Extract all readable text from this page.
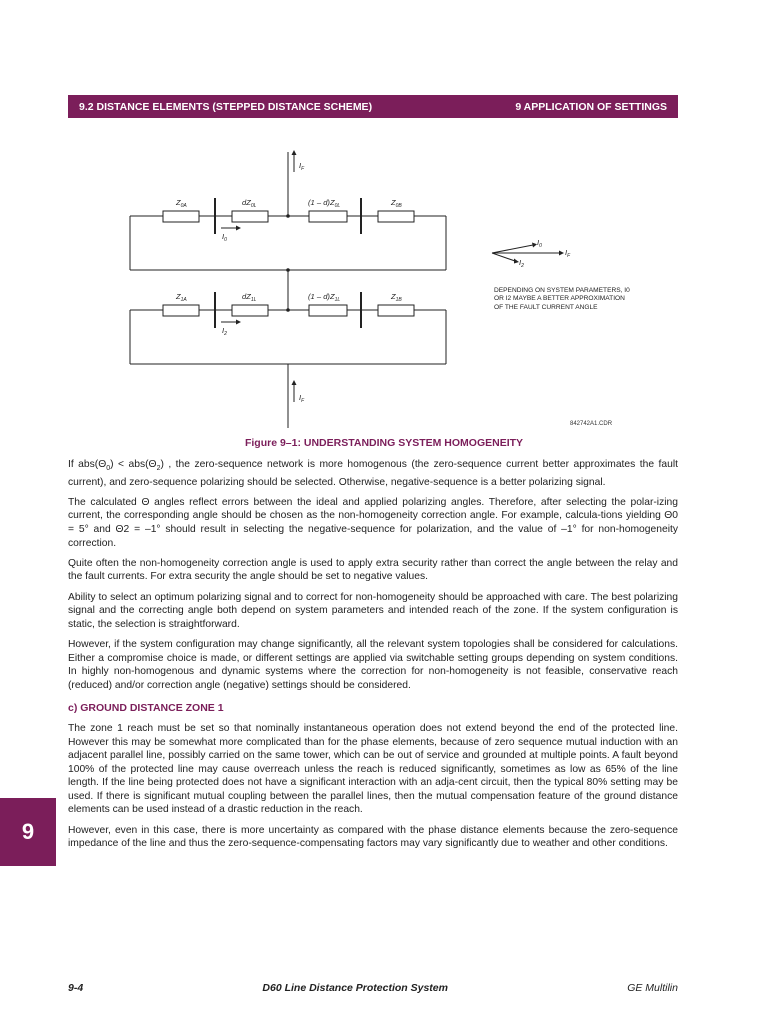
9.2 DISTANCE ELEMENTS (STEPPED DISTANCE SCHEME)	9 APPLICATION OF SETTINGS
$Z_{0A}$	$dZ_{0L}$	$(1 - d)Z_{0L}$	$Z_{0B}$
$Z_{1A}$	$dZ_{1L}$	$(1 - d)Z_{1L}$	$Z_{1B}$
$I_0$
$I_2$
$I_F$
$I_F$
$I_0$
$I_F$
$I_2$
DEPENDING ON SYSTEM PARAMETERS, I0 OR I2 MAYBE A BETTER APPROXIMATION OF THE FAULT CURRENT ANGLE
842742A1.CDR
Figure 9–1: UNDERSTANDING SYSTEM HOMOGENEITY

If $abs(\Theta_0) < abs(\Theta_2)$ , the zero-sequence network is more homogenous (the zero-sequence current better approximates the fault current), and zero-sequence polarizing should be selected. Otherwise, negative-sequence is a better polarizing signal.

The calculated Θ angles reflect errors between the ideal and applied polarizing angles. Therefore, after selecting the polar-izing current, the corresponding angle should be chosen as the non-homogeneity correction angle. For example, calcula-tions yielding Θ0 = 5° and Θ2 = –1° should result in selecting the negative-sequence for polarization, and the value of –1° for non-homogeneity correction.

Quite often the non-homogeneity correction angle is used to apply extra security rather than correct the angle between the relay and the fault currents. For extra security the angle should be set to negative values.

Ability to select an optimum polarizing signal and to correct for non-homogeneity should be approached with care. The best polarizing signal and the correcting angle both depend on system parameters and intended reach of the zone. If the system configuration is static, the selection is straightforward.

However, if the system configuration may change significantly, all the relevant system topologies shall be considered for calculations. Either a compromise choice is made, or different settings are applied via switchable setting groups depending on system conditions. In highly non-homogenous and dynamic systems where the correction for non-homogeneity is not feasible, conservative reach (reduced) and/or correction angle (negative) settings should be considered.

c) GROUND DISTANCE ZONE 1

The zone 1 reach must be set so that nominally instantaneous operation does not extend beyond the end of the protected line. However this may be somewhat more complicated than for the phase elements, because of zero sequence mutual induction with an adjacent parallel line, possibly carried on the same tower, which can be out of service and grounded at multiple points. A fault beyond 100% of the protected line may cause overreach unless the reach is reduced significantly, sometimes as low as 65% of the line length. If the line being protected does not have a significant interaction with an adja-cent circuit, then the typical 80% setting may be used. If there is significant mutual coupling between the parallel lines, then the mutual compensation feature of the ground distance elements can be used instead of a drastic reduction in the reach.

However, even in this case, there is more uncertainty as compared with the phase distance elements because the zero-sequence impedance of the line and thus the zero-sequence-compensating factors may vary significantly due to weather and other conditions.

9
9-4	D60 Line Distance Protection System	GE Multilin
